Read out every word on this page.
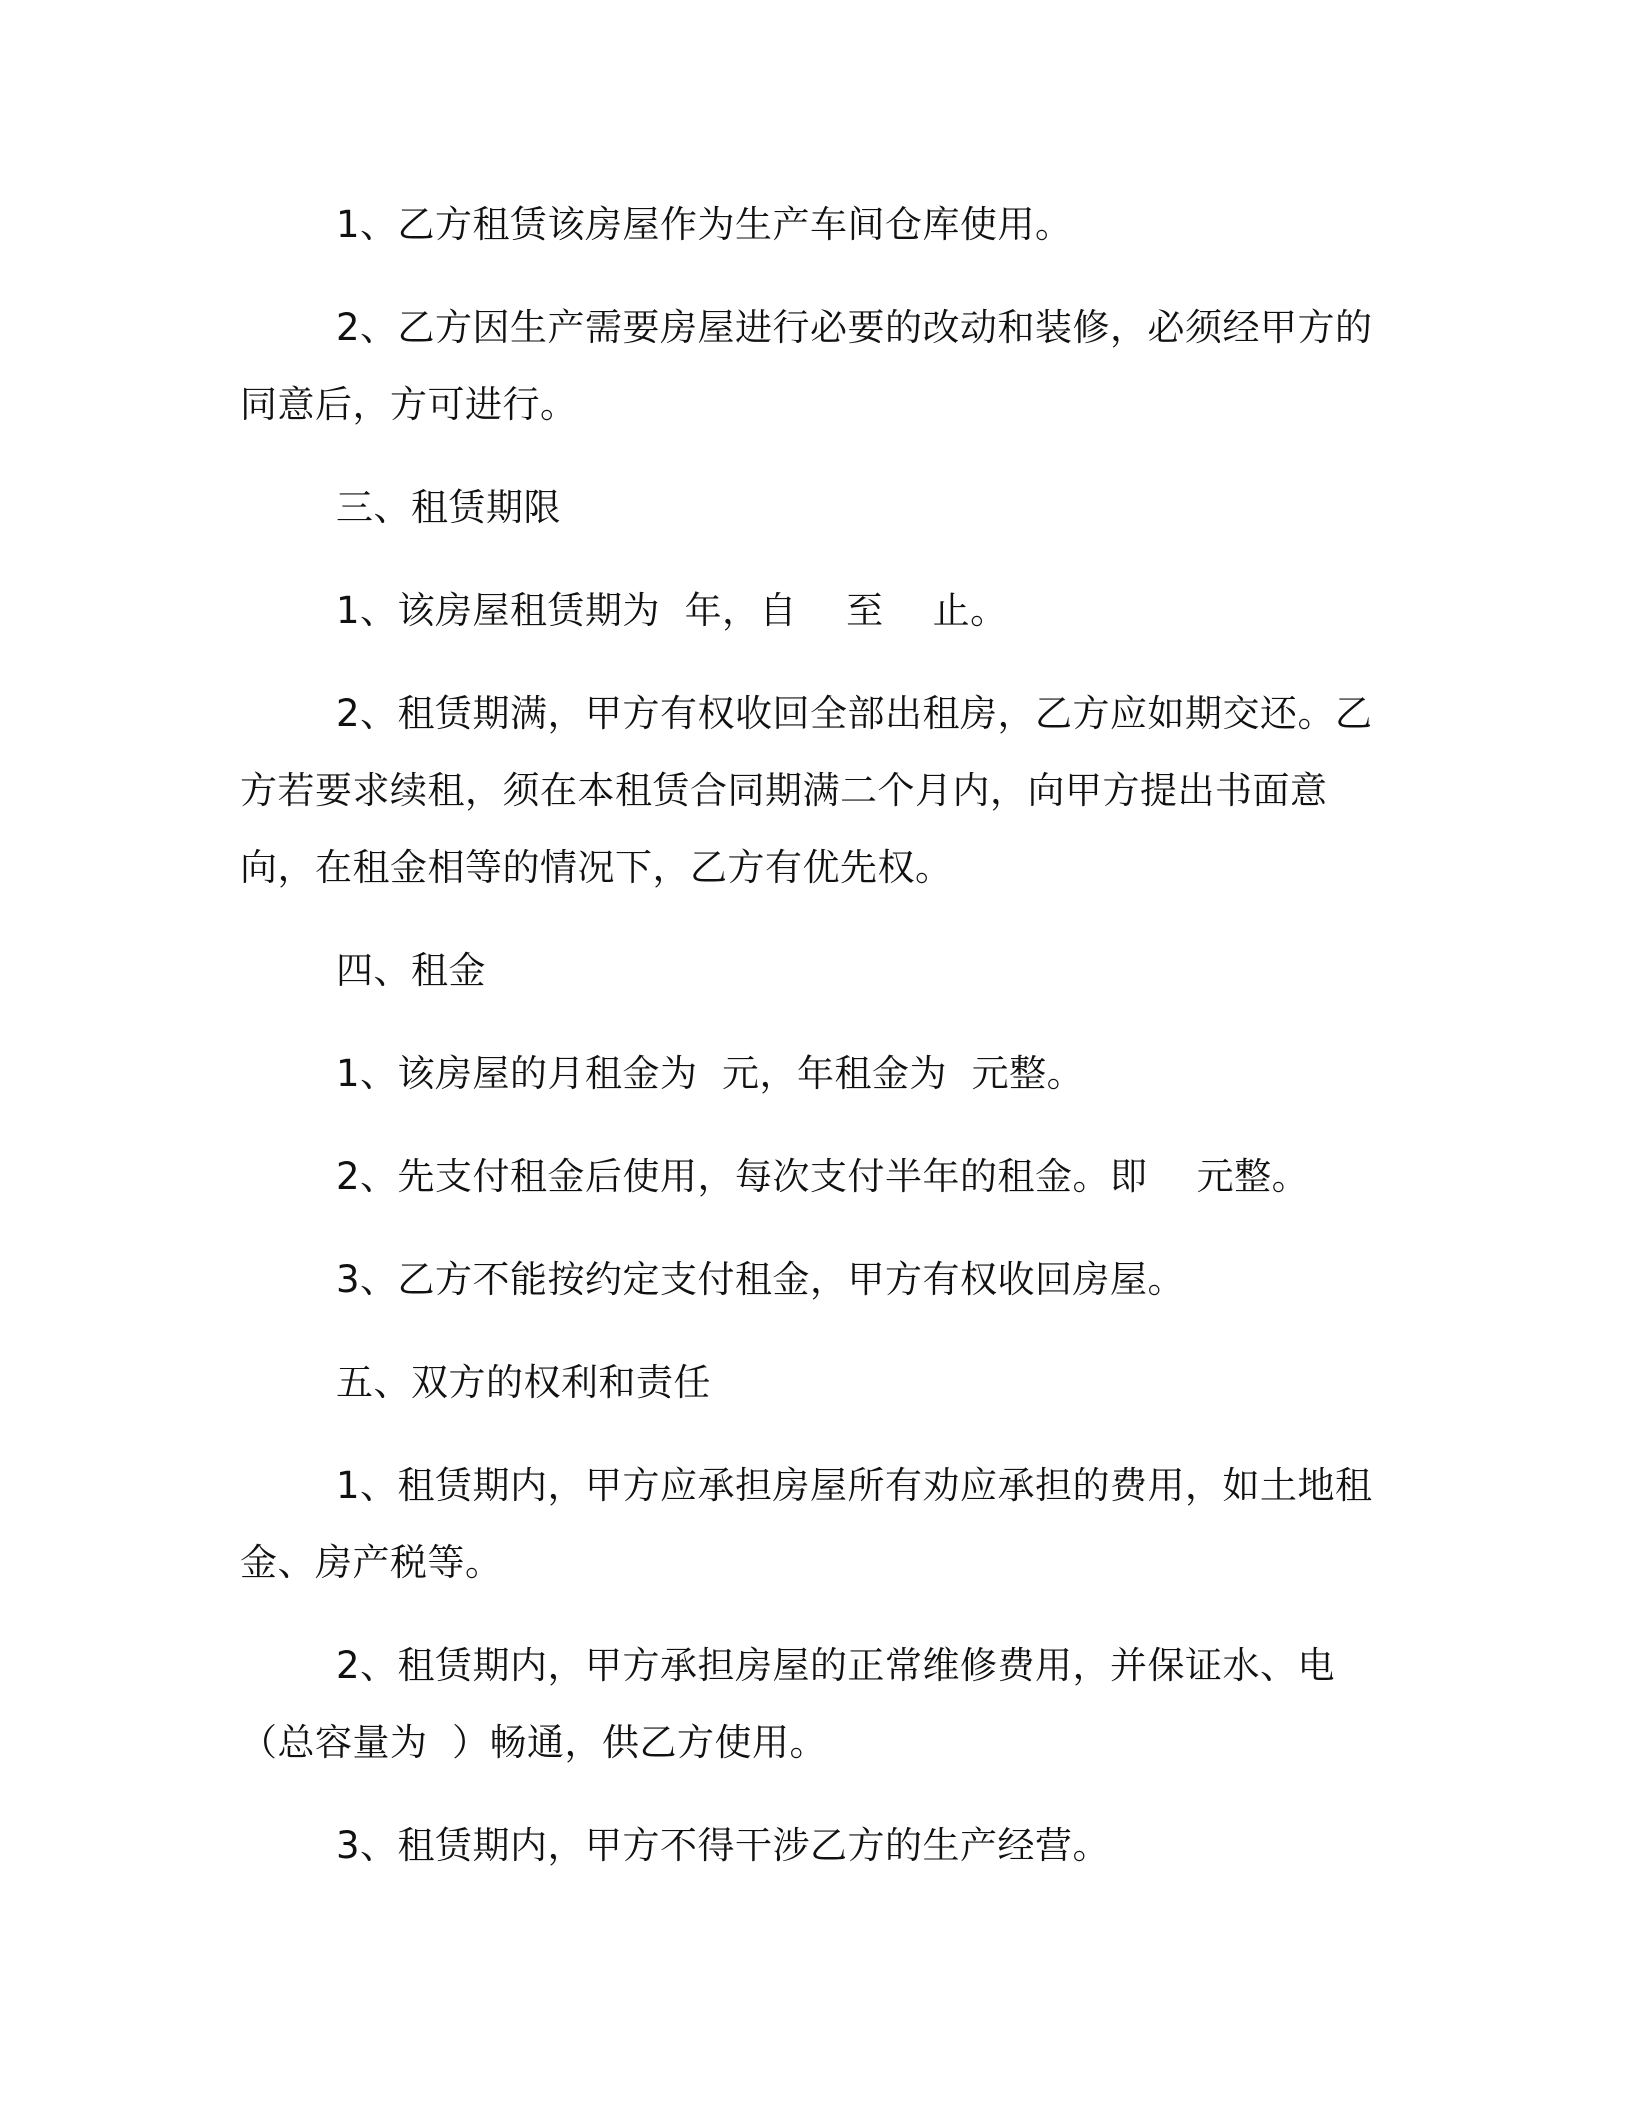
1、乙方租赁该房屋作为生产车间仓库使用。

2、乙方因生产需要房屋进行必要的改动和装修，必须经甲方的同意后，方可进行。

三、租赁期限

1、该房屋租赁期为  年，自    至    止。

2、租赁期满，甲方有权收回全部出租房，乙方应如期交还。乙方若要求续租，须在本租赁合同期满二个月内，向甲方提出书面意向，在租金相等的情况下，乙方有优先权。

四、租金

1、该房屋的月租金为  元，年租金为  元整。

2、先支付租金后使用，每次支付半年的租金。即    元整。

3、乙方不能按约定支付租金，甲方有权收回房屋。

五、双方的权利和责任

1、租赁期内，甲方应承担房屋所有劝应承担的费用，如土地租金、房产税等。

2、租赁期内，甲方承担房屋的正常维修费用，并保证水、电（总容量为  ）畅通，供乙方使用。

3、租赁期内，甲方不得干涉乙方的生产经营。
